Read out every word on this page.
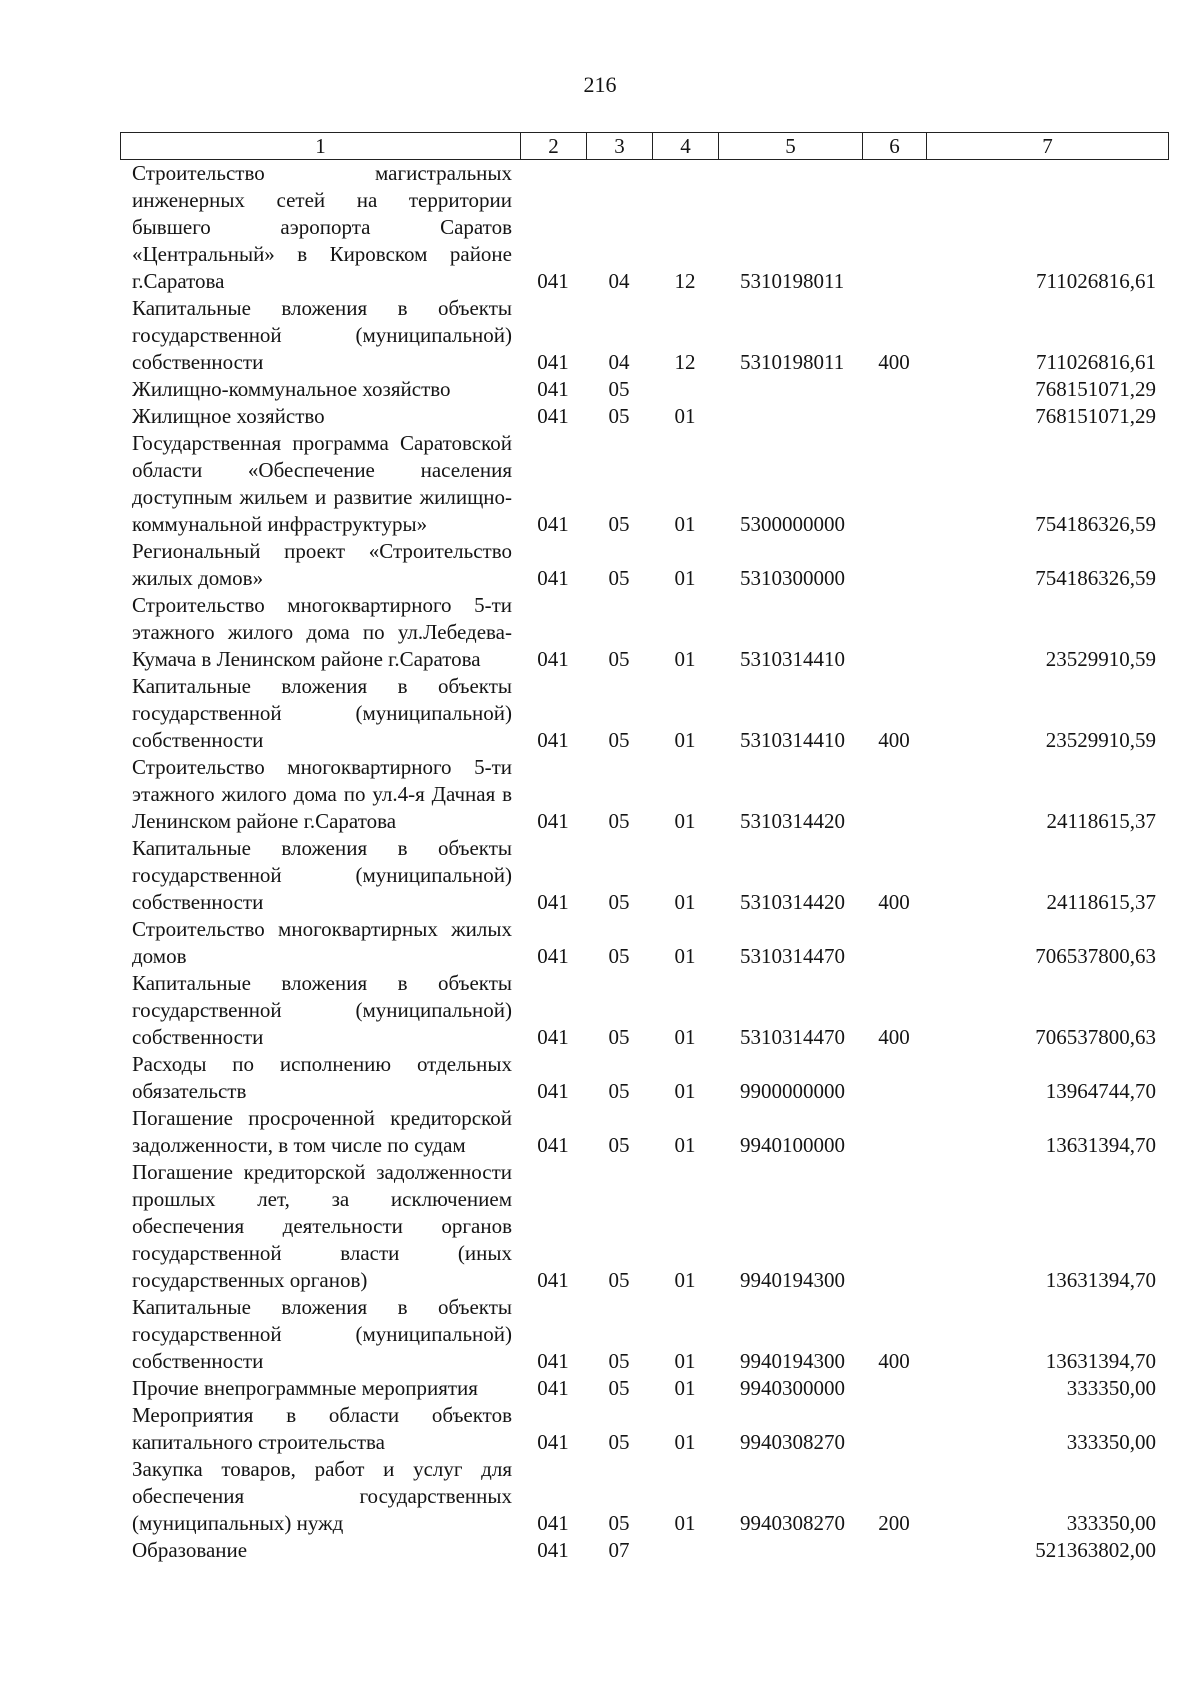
216
1	2	3	4	5	6	7
Строительство магистральных инженерных сетей на территории бывшего аэропорта Саратов «Центральный» в Кировском районе г.Саратова	041	04	12	5310198011		711026816,61
Капитальные вложения в объекты государственной (муниципальной) собственности	041	04	12	5310198011	400	711026816,61
Жилищно-коммунальное хозяйство	041	05				768151071,29
Жилищное хозяйство	041	05	01			768151071,29
Государственная программа Саратовской области «Обеспечение населения доступным жильем и развитие жилищно-коммунальной инфраструктуры»	041	05	01	5300000000		754186326,59
Региональный проект «Строительство жилых домов»	041	05	01	5310300000		754186326,59
Строительство многоквартирного 5-ти этажного жилого дома по ул.Лебедева-Кумача в Ленинском районе г.Саратова	041	05	01	5310314410		23529910,59
Капитальные вложения в объекты государственной (муниципальной) собственности	041	05	01	5310314410	400	23529910,59
Строительство многоквартирного 5-ти этажного жилого дома по ул.4-я Дачная в Ленинском районе г.Саратова	041	05	01	5310314420		24118615,37
Капитальные вложения в объекты государственной (муниципальной) собственности	041	05	01	5310314420	400	24118615,37
Строительство многоквартирных жилых домов	041	05	01	5310314470		706537800,63
Капитальные вложения в объекты государственной (муниципальной) собственности	041	05	01	5310314470	400	706537800,63
Расходы по исполнению отдельных обязательств	041	05	01	9900000000		13964744,70
Погашение просроченной кредиторской задолженности, в том числе по судам	041	05	01	9940100000		13631394,70
Погашение кредиторской задолженности прошлых лет, за исключением обеспечения деятельности органов государственной власти (иных государственных органов)	041	05	01	9940194300		13631394,70
Капитальные вложения в объекты государственной (муниципальной) собственности	041	05	01	9940194300	400	13631394,70
Прочие внепрограммные мероприятия	041	05	01	9940300000		333350,00
Мероприятия в области объектов капитального строительства	041	05	01	9940308270		333350,00
Закупка товаров, работ и услуг для обеспечения государственных (муниципальных) нужд	041	05	01	9940308270	200	333350,00
Образование	041	07				521363802,00
